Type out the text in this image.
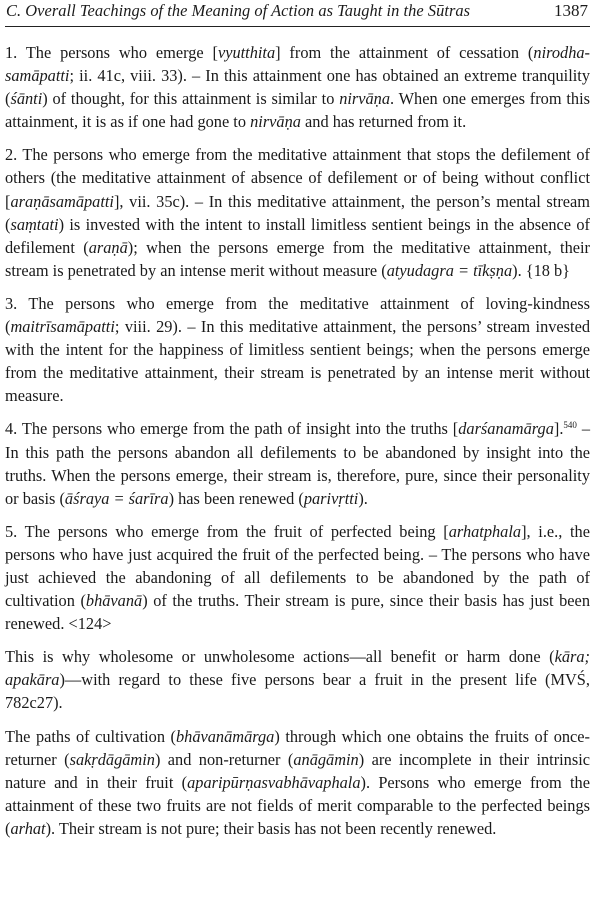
C. Overall Teachings of the Meaning of Action as Taught in the Sūtras	1387

1. The persons who emerge [vyutthita] from the attainment of cessation (nirodha-samāpatti; ii. 41c, viii. 33). – In this attainment one has obtained an extreme tranquility (śānti) of thought, for this attainment is similar to nirvāṇa. When one emerges from this attainment, it is as if one had gone to nirvāṇa and has returned from it.

2. The persons who emerge from the meditative attainment that stops the defilement of others (the meditative attainment of absence of defilement or of being without conflict [araṇāsamāpatti], vii. 35c). – In this meditative attainment, the person’s mental stream (saṃtati) is invested with the intent to install limitless sentient beings in the absence of defilement (araṇā); when the persons emerge from the meditative attainment, their stream is penetrated by an intense merit without measure (atyudagra = tīkṣṇa). {18 b}

3. The persons who emerge from the meditative attainment of loving-kindness (maitrīsamāpatti; viii. 29). – In this meditative attainment, the persons’ stream invested with the intent for the happiness of limitless sentient beings; when the persons emerge from the meditative attainment, their stream is penetrated by an intense merit without measure.

4. The persons who emerge from the path of insight into the truths [darśanamārga].$^{540}$ – In this path the persons abandon all defilements to be abandoned by insight into the truths. When the persons emerge, their stream is, therefore, pure, since their personality or basis (āśraya = śarīra) has been renewed (parivṛtti).

5. The persons who emerge from the fruit of perfected being [arhatphala], i.e., the persons who have just acquired the fruit of the perfected being. – The persons who have just achieved the abandoning of all defilements to be abandoned by the path of cultivation (bhāvanā) of the truths. Their stream is pure, since their basis has just been renewed. <124>

This is why wholesome or unwholesome actions—all benefit or harm done (kāra; apakāra)—with regard to these five persons bear a fruit in the present life (MVŚ, 782c27).

The paths of cultivation (bhāvanāmārga) through which one obtains the fruits of once-returner (sakṛdāgāmin) and non-returner (anāgāmin) are incomplete in their intrinsic nature and in their fruit (aparipūrṇasvabhāvaphala). Persons who emerge from the attainment of these two fruits are not fields of merit comparable to the perfected beings (arhat). Their stream is not pure; their basis has not been recently renewed.
